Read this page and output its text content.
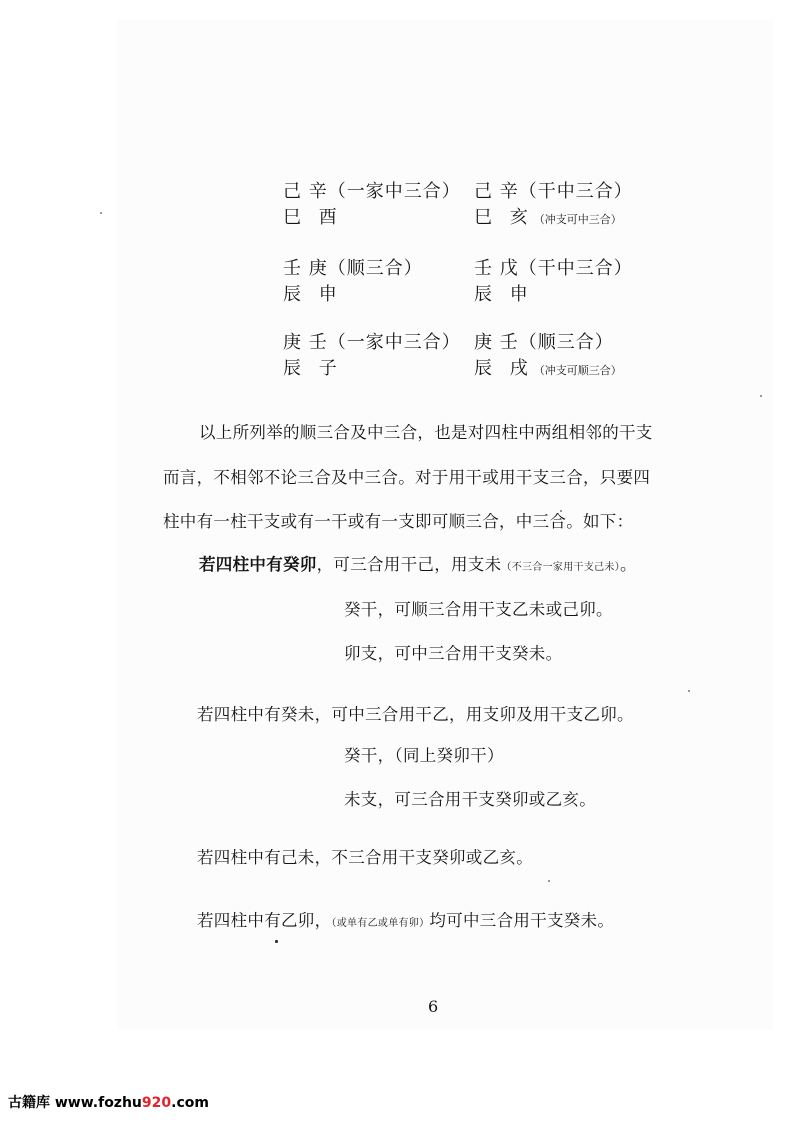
己 辛（一家中三合）
巳 酉
己 辛（干中三合）
巳 亥（冲支可中三合）
壬 庚（顺三合）
辰 申
壬 戊（干中三合）
辰 申
庚 壬（一家中三合）
辰 子
庚 壬（顺三合）
辰 戌（冲支可顺三合）
以上所列举的顺三合及中三合，也是对四柱中两组相邻的干支
而言，不相邻不论三合及中三合。对于用干或用干支三合，只要四
柱中有一柱干支或有一干或有一支即可顺三合，中三合。如下：
若四柱中有癸卯，可三合用干己，用支未（不三合一家用干支己未）。
癸干，可顺三合用干支乙未或己卯。
卯支，可中三合用干支癸未。
若四柱中有癸未，可中三合用干乙，用支卯及用干支乙卯。
癸干，（同上癸卯干）
未支，可三合用干支癸卯或乙亥。
若四柱中有己未，不三合用干支癸卯或乙亥。
若四柱中有乙卯，（或单有乙或单有卯）均可中三合用干支癸未。
6
古籍库 www.fozhu920.com
